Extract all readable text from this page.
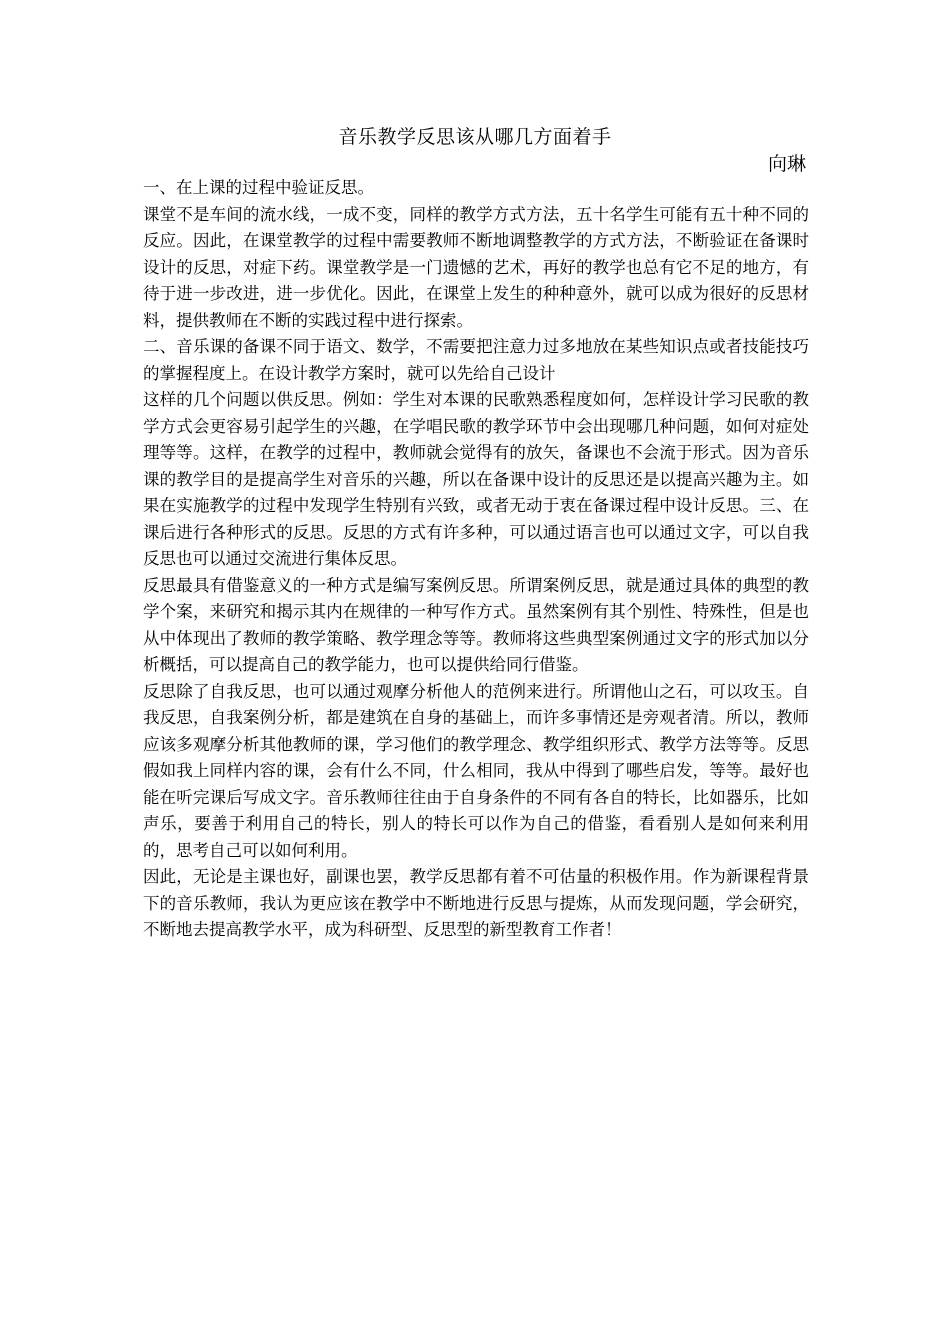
音乐教学反思该从哪几方面着手
向琳

一、在上课的过程中验证反思。

课堂不是车间的流水线，一成不变，同样的教学方式方法，五十名学生可能有五十种不同的反应。因此，在课堂教学的过程中需要教师不断地调整教学的方式方法，不断验证在备课时设计的反思，对症下药。课堂教学是一门遗憾的艺术，再好的教学也总有它不足的地方，有待于进一步改进，进一步优化。因此，在课堂上发生的种种意外，就可以成为很好的反思材料，提供教师在不断的实践过程中进行探索。

二、音乐课的备课不同于语文、数学，不需要把注意力过多地放在某些知识点或者技能技巧的掌握程度上。在设计教学方案时，就可以先给自己设计

这样的几个问题以供反思。例如：学生对本课的民歌熟悉程度如何，怎样设计学习民歌的教学方式会更容易引起学生的兴趣，在学唱民歌的教学环节中会出现哪几种问题，如何对症处理等等。这样，在教学的过程中，教师就会觉得有的放矢，备课也不会流于形式。因为音乐课的教学目的是提高学生对音乐的兴趣，所以在备课中设计的反思还是以提高兴趣为主。如果在实施教学的过程中发现学生特别有兴致，或者无动于衷在备课过程中设计反思。三、在课后进行各种形式的反思。反思的方式有许多种，可以通过语言也可以通过文字，可以自我反思也可以通过交流进行集体反思。

反思最具有借鉴意义的一种方式是编写案例反思。所谓案例反思，就是通过具体的典型的教学个案，来研究和揭示其内在规律的一种写作方式。虽然案例有其个别性、特殊性，但是也从中体现出了教师的教学策略、教学理念等等。教师将这些典型案例通过文字的形式加以分析概括，可以提高自己的教学能力，也可以提供给同行借鉴。

反思除了自我反思，也可以通过观摩分析他人的范例来进行。所谓他山之石，可以攻玉。自我反思，自我案例分析，都是建筑在自身的基础上，而许多事情还是旁观者清。所以，教师应该多观摩分析其他教师的课，学习他们的教学理念、教学组织形式、教学方法等等。反思假如我上同样内容的课，会有什么不同，什么相同，我从中得到了哪些启发，等等。最好也能在听完课后写成文字。音乐教师往往由于自身条件的不同有各自的特长，比如器乐，比如声乐，要善于利用自己的特长，别人的特长可以作为自己的借鉴，看看别人是如何来利用的，思考自己可以如何利用。

因此，无论是主课也好，副课也罢，教学反思都有着不可估量的积极作用。作为新课程背景下的音乐教师，我认为更应该在教学中不断地进行反思与提炼，从而发现问题，学会研究，不断地去提高教学水平，成为科研型、反思型的新型教育工作者！
